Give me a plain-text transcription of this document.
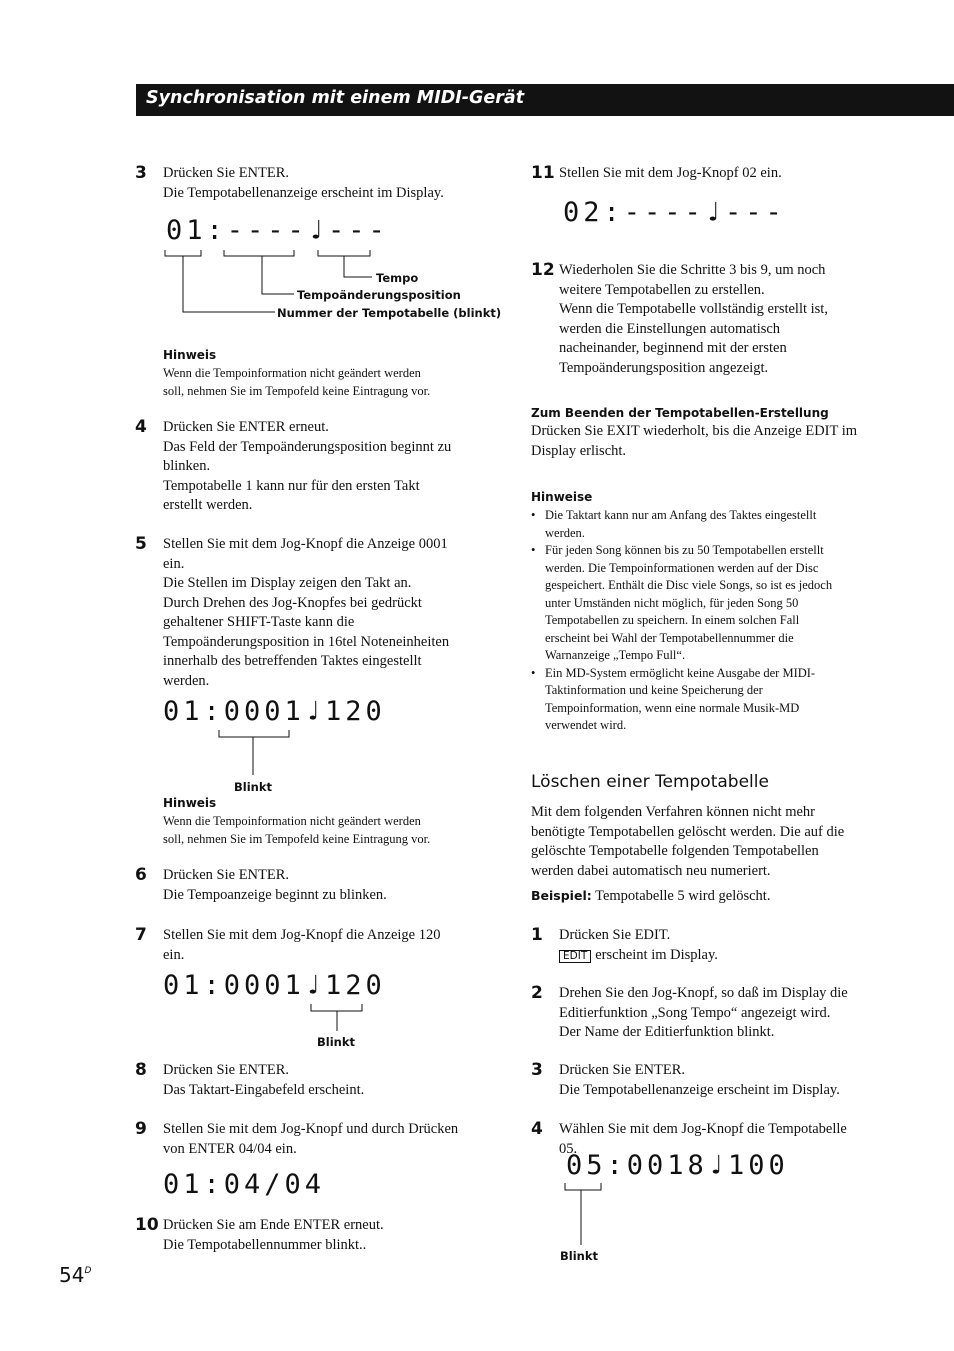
Synchronisation mit einem MIDI-Gerät
3 Drücken Sie ENTER.
Die Tempotabellenanzeige erscheint im Display.
01:----♩---
Tempo
Tempoänderungsposition
Nummer der Tempotabelle (blinkt)
Hinweis
Wenn die Tempoinformation nicht geändert werden
soll, nehmen Sie im Tempofeld keine Eintragung vor.
4 Drücken Sie ENTER erneut.
Das Feld der Tempoänderungsposition beginnt zu
blinken.
Tempotabelle 1 kann nur für den ersten Takt
erstellt werden.
5 Stellen Sie mit dem Jog-Knopf die Anzeige 0001
ein.
Die Stellen im Display zeigen den Takt an.
Durch Drehen des Jog-Knopfes bei gedrückt
gehaltener SHIFT-Taste kann die
Tempoänderungsposition in 16tel Noteneinheiten
innerhalb des betreffenden Taktes eingestellt
werden.
01:0001♩120
Blinkt
Hinweis
Wenn die Tempoinformation nicht geändert werden
soll, nehmen Sie im Tempofeld keine Eintragung vor.
6 Drücken Sie ENTER.
Die Tempoanzeige beginnt zu blinken.
7 Stellen Sie mit dem Jog-Knopf die Anzeige 120
ein.
01:0001♩120
Blinkt
8 Drücken Sie ENTER.
Das Taktart-Eingabefeld erscheint.
9 Stellen Sie mit dem Jog-Knopf und durch Drücken
von ENTER 04/04 ein.
01:04/04
10 Drücken Sie am Ende ENTER erneut.
Die Tempotabellennummer blinkt..
$54^D$
11 Stellen Sie mit dem Jog-Knopf 02 ein.
02:----♩---
12 Wiederholen Sie die Schritte 3 bis 9, um noch
weitere Tempotabellen zu erstellen.
Wenn die Tempotabelle vollständig erstellt ist,
werden die Einstellungen automatisch
nacheinander, beginnend mit der ersten
Tempoänderungsposition angezeigt.
Zum Beenden der Tempotabellen-Erstellung
Drücken Sie EXIT wiederholt, bis die Anzeige EDIT im
Display erlischt.
Hinweise
• Die Taktart kann nur am Anfang des Taktes eingestellt
werden.
• Für jeden Song können bis zu 50 Tempotabellen erstellt
werden. Die Tempoinformationen werden auf der Disc
gespeichert. Enthält die Disc viele Songs, so ist es jedoch
unter Umständen nicht möglich, für jeden Song 50
Tempotabellen zu speichern. In einem solchen Fall
erscheint bei Wahl der Tempotabellennummer die
Warnanzeige „Tempo Full“.
• Ein MD-System ermöglicht keine Ausgabe der MIDI-
Taktinformation und keine Speicherung der
Tempoinformation, wenn eine normale Musik-MD
verwendet wird.
Löschen einer Tempotabelle
Mit dem folgenden Verfahren können nicht mehr
benötigte Tempotabellen gelöscht werden. Die auf die
gelöschte Tempotabelle folgenden Tempotabellen
werden dabei automatisch neu numeriert.
Beispiel: Tempotabelle 5 wird gelöscht.
1 Drücken Sie EDIT.
EDIT erscheint im Display.
2 Drehen Sie den Jog-Knopf, so daß im Display die
Editierfunktion „Song Tempo“ angezeigt wird.
Der Name der Editierfunktion blinkt.
3 Drücken Sie ENTER.
Die Tempotabellenanzeige erscheint im Display.
4 Wählen Sie mit dem Jog-Knopf die Tempotabelle
05.
05:0018♩100
Blinkt
